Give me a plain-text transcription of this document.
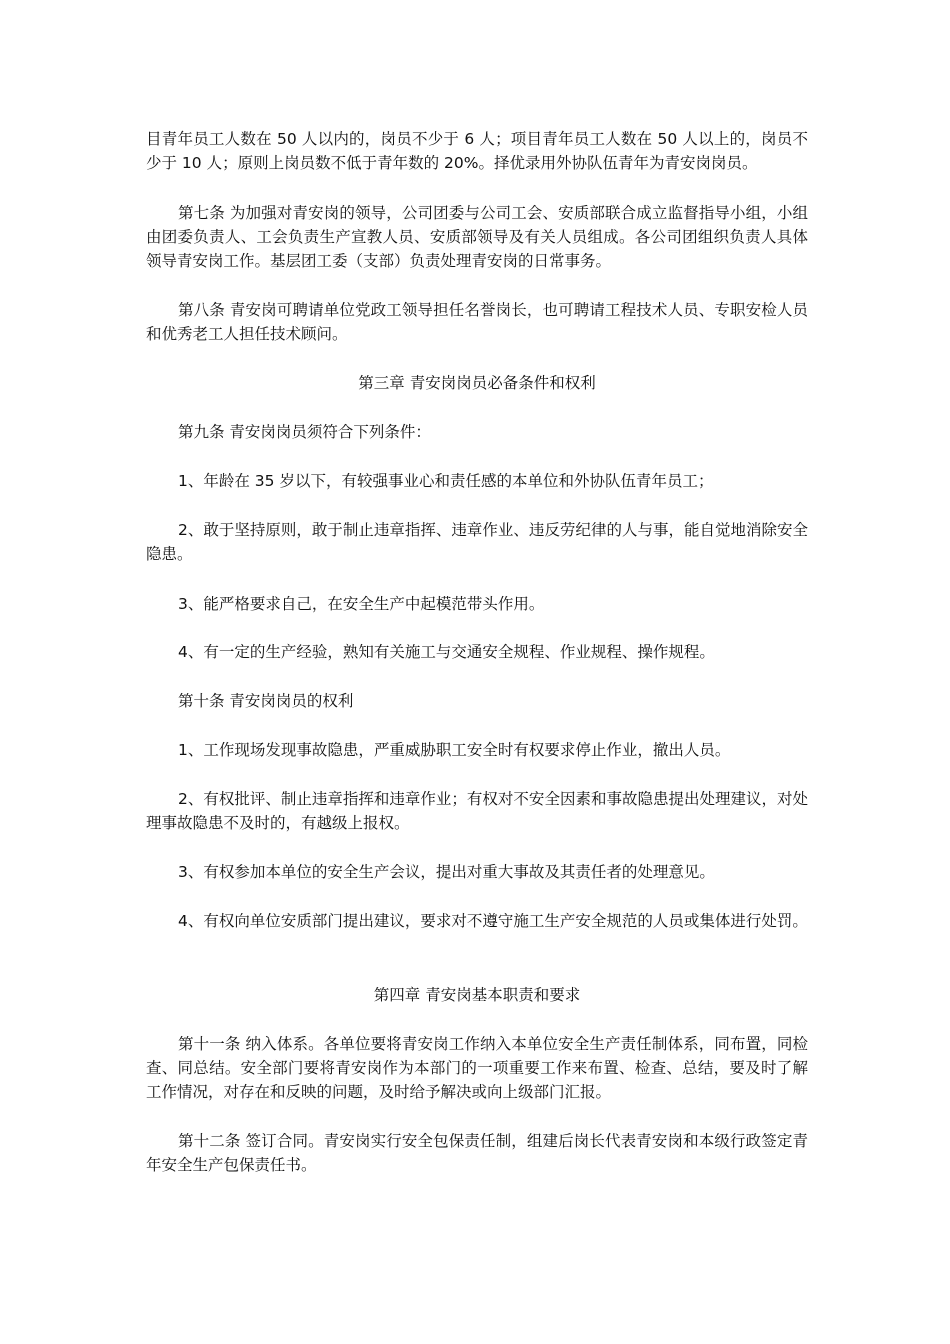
目青年员工人数在 50 人以内的，岗员不少于 6 人；项目青年员工人数在 50 人以上的，岗员不少于 10 人；原则上岗员数不低于青年数的 20%。择优录用外协队伍青年为青安岗岗员。

第七条 为加强对青安岗的领导，公司团委与公司工会、安质部联合成立监督指导小组，小组由团委负责人、工会负责生产宣教人员、安质部领导及有关人员组成。各公司团组织负责人具体领导青安岗工作。基层团工委（支部）负责处理青安岗的日常事务。

第八条 青安岗可聘请单位党政工领导担任名誉岗长，也可聘请工程技术人员、专职安检人员和优秀老工人担任技术顾问。

第三章 青安岗岗员必备条件和权利

第九条 青安岗岗员须符合下列条件：

1、年龄在 35 岁以下，有较强事业心和责任感的本单位和外协队伍青年员工；

2、敢于坚持原则，敢于制止违章指挥、违章作业、违反劳纪律的人与事，能自觉地消除安全隐患。

3、能严格要求自己，在安全生产中起模范带头作用。

4、有一定的生产经验，熟知有关施工与交通安全规程、作业规程、操作规程。

第十条 青安岗岗员的权利

1、工作现场发现事故隐患，严重威胁职工安全时有权要求停止作业，撤出人员。

2、有权批评、制止违章指挥和违章作业；有权对不安全因素和事故隐患提出处理建议，对处理事故隐患不及时的，有越级上报权。

3、有权参加本单位的安全生产会议，提出对重大事故及其责任者的处理意见。

4、有权向单位安质部门提出建议，要求对不遵守施工生产安全规范的人员或集体进行处罚。

第四章 青安岗基本职责和要求

第十一条 纳入体系。各单位要将青安岗工作纳入本单位安全生产责任制体系，同布置，同检查、同总结。安全部门要将青安岗作为本部门的一项重要工作来布置、检查、总结，要及时了解工作情况，对存在和反映的问题，及时给予解决或向上级部门汇报。

第十二条 签订合同。青安岗实行安全包保责任制，组建后岗长代表青安岗和本级行政签定青年安全生产包保责任书。
